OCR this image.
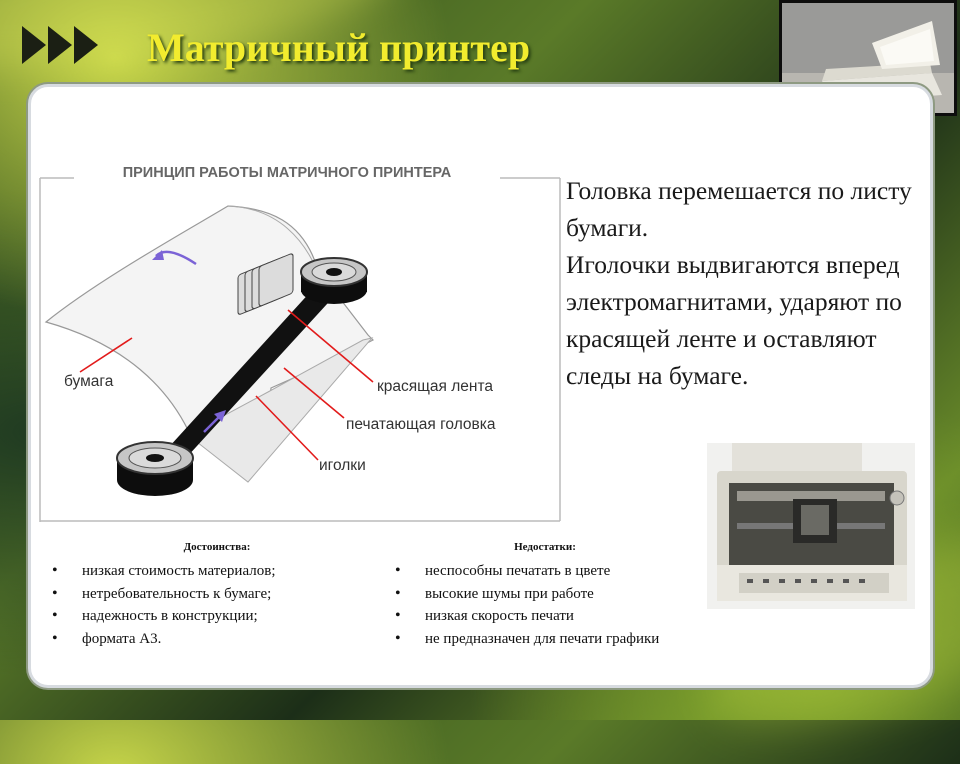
Матричный принтер
ПРИНЦИП РАБОТЫ МАТРИЧНОГО ПРИНТЕРА
бумага	красящая лента
печатающая головка
иголки

Головка перемешается по листу бумаги.

Иголочки выдвигаются вперед электромагнитами, ударяют по красящей ленте и оставляют следы на бумаге.

Достоинства:
• низкая стоимость материалов;
• нетребовательность к бумаге;
• надежность в конструкции;
• формата А3.
Недостатки:
• неспособны печатать в цвете
• высокие шумы при работе
• низкая скорость печати
• не предназначен для печати графики
